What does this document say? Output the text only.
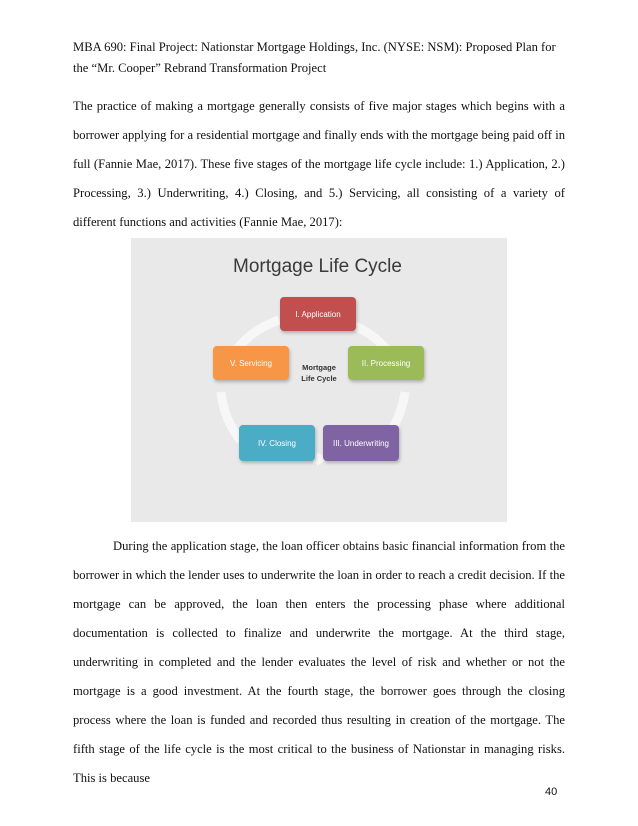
MBA 690: Final Project: Nationstar Mortgage Holdings, Inc. (NYSE: NSM): Proposed Plan for
the “Mr. Cooper” Rebrand Transformation Project

The practice of making a mortgage generally consists of five major stages which begins with a borrower applying for a residential mortgage and finally ends with the mortgage being paid off in full (Fannie Mae, 2017). These five stages of the mortgage life cycle include: 1.) Application, 2.) Processing, 3.) Underwriting, 4.) Closing, and 5.) Servicing, all consisting of a variety of different functions and activities (Fannie Mae, 2017):

Mortgage Life Cycle
I. Application
II. Processing
III. Underwriting
IV. Closing
V. Servicing	Mortgage
Life Cycle

During the application stage, the loan officer obtains basic financial information from the borrower in which the lender uses to underwrite the loan in order to reach a credit decision. If the mortgage can be approved, the loan then enters the processing phase where additional documentation is collected to finalize and underwrite the mortgage. At the third stage, underwriting in completed and the lender evaluates the level of risk and whether or not the mortgage is a good investment. At the fourth stage, the borrower goes through the closing process where the loan is funded and recorded thus resulting in creation of the mortgage. The fifth stage of the life cycle is the most critical to the business of Nationstar in managing risks. This is because

40
